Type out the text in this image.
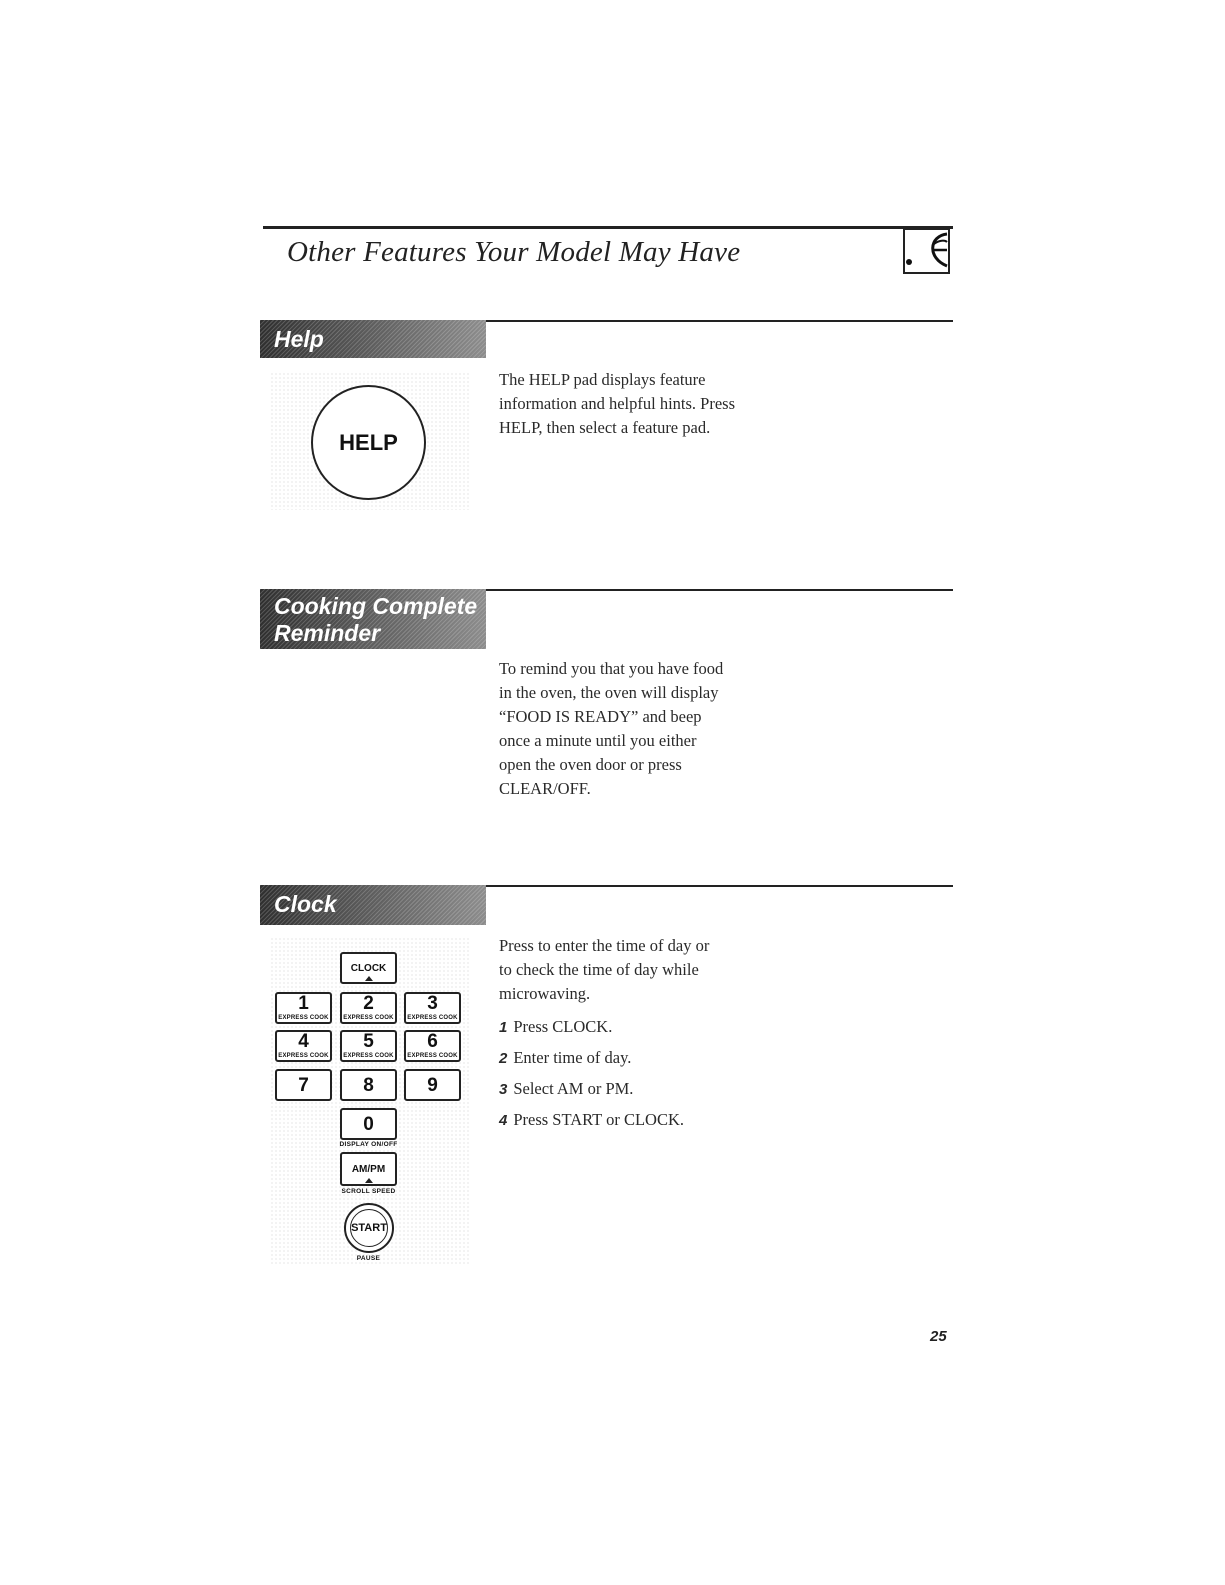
Other Features Your Model May Have
Help
HELP

The HELP pad displays feature information and helpful hints. Press HELP, then select a feature pad.

Cooking Complete
Reminder

To remind you that you have food in the oven, the oven will display “FOOD IS READY” and beep once a minute until you either open the oven door or press CLEAR/OFF.

Clock

Press to enter the time of day or to check the time of day while microwaving.

1 Press CLOCK.
2 Enter time of day.
3 Select AM or PM.
4 Press START or CLOCK.
CLOCK
1
EXPRESS COOK
2
EXPRESS COOK
3
EXPRESS COOK
4
EXPRESS COOK
5
EXPRESS COOK
6
EXPRESS COOK
7	8	9
0
DISPLAY ON/OFF
AM/PM
SCROLL SPEED
START
PAUSE
25
